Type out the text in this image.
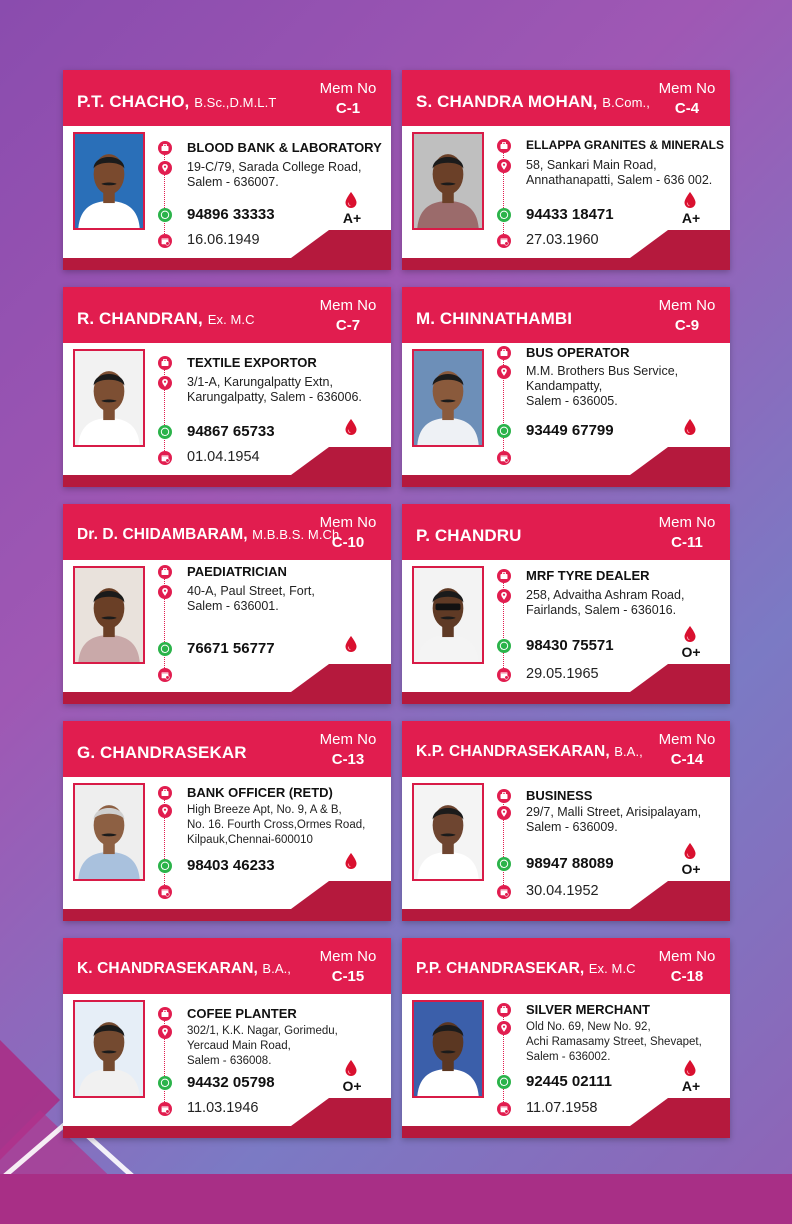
P.T. CHACHO, B.Sc.,D.M.L.T
Mem No
C-1
BLOOD BANK & LABORATORY
19-C/79, Sarada College Road,
Salem - 636007.
94896 33333
16.06.1949
A+
S. CHANDRA MOHAN, B.Com.,
Mem No
C-4
ELLAPPA GRANITES & MINERALS
58, Sankari Main Road,
Annathanapatti, Salem - 636 002.
94433 18471
27.03.1960
A+
R. CHANDRAN, Ex. M.C
Mem No
C-7
TEXTILE EXPORTOR
3/1-A, Karungalpatty Extn,
Karungalpatty, Salem - 636006.
94867 65733
01.04.1954
M. CHINNATHAMBI
Mem No
C-9
BUS OPERATOR
M.M. Brothers Bus Service,
Kandampatty,
Salem - 636005.
93449 67799
Dr. D. CHIDAMBARAM, M.B.B.S. M.Ch
Mem No
C-10
PAEDIATRICIAN
40-A, Paul Street, Fort,
Salem - 636001.
76671 56777
P. CHANDRU
Mem No
C-11
MRF TYRE DEALER
258, Advaitha Ashram Road,
Fairlands, Salem - 636016.
98430 75571
29.05.1965
O+
G. CHANDRASEKAR
Mem No
C-13
BANK OFFICER (RETD)
High Breeze Apt, No. 9, A & B,
No. 16. Fourth Cross,Ormes Road,
Kilpauk,Chennai-600010
98403 46233
K.P. CHANDRASEKARAN, B.A.,
Mem No
C-14
BUSINESS
29/7, Malli Street, Arisipalayam,
Salem - 636009.
98947 88089
30.04.1952
O+
K. CHANDRASEKARAN, B.A.,
Mem No
C-15
COFEE PLANTER
302/1, K.K. Nagar, Gorimedu,
Yercaud Main Road,
Salem - 636008.
94432 05798
11.03.1946
O+
P.P. CHANDRASEKAR, Ex. M.C
Mem No
C-18
SILVER MERCHANT
Old No. 69, New No. 92,
Achi Ramasamy Street, Shevapet,
Salem - 636002.
92445 02111
11.07.1958
A+
